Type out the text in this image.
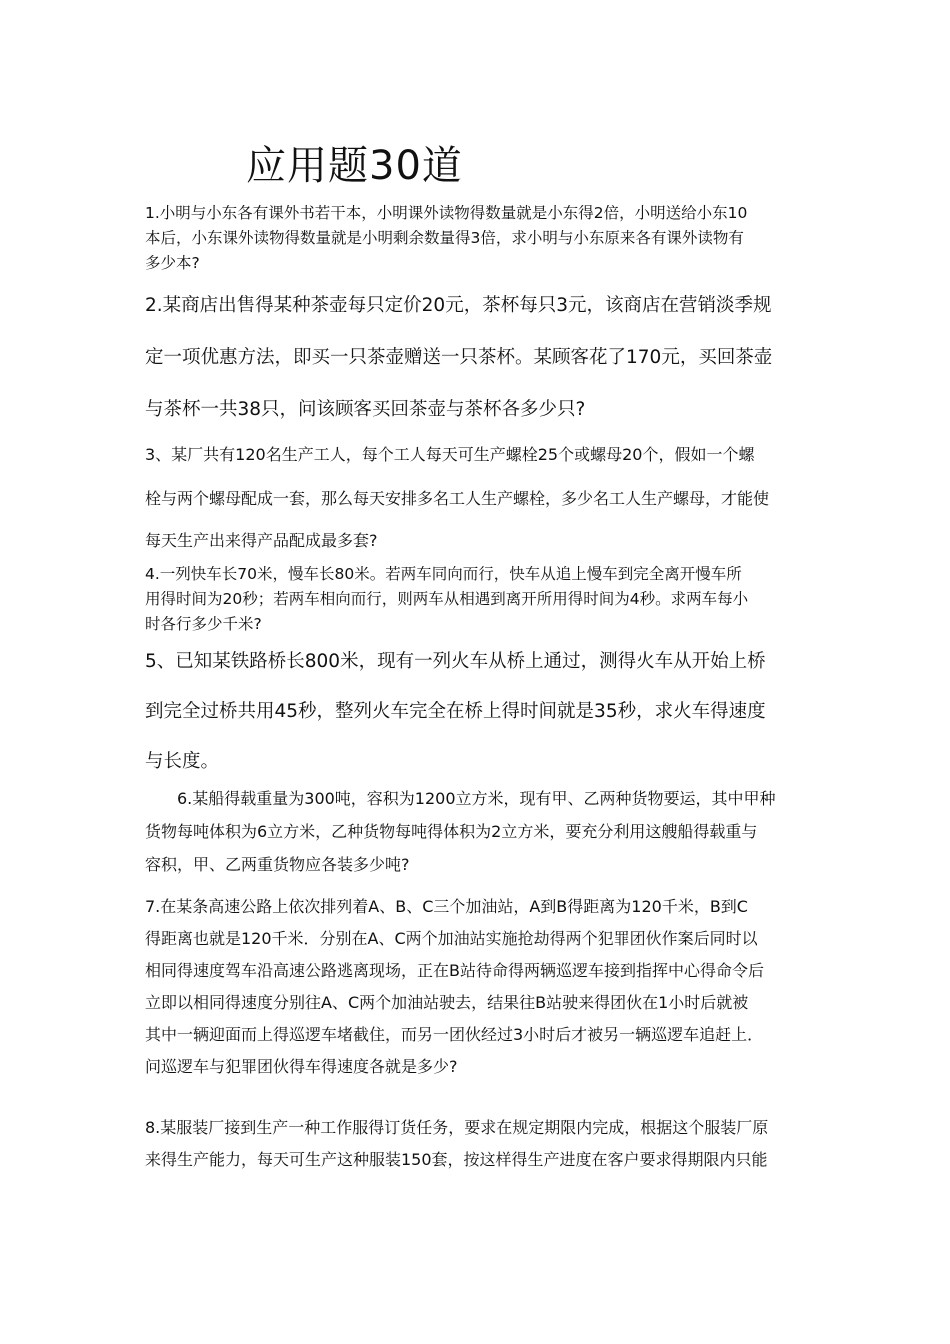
应用题30道
1.小明与小东各有课外书若干本，小明课外读物得数量就是小东得2倍，小明送给小东10
本后，小东课外读物得数量就是小明剩余数量得3倍，求小明与小东原来各有课外读物有
多少本?
2.某商店出售得某种茶壶每只定价20元，茶杯每只3元，该商店在营销淡季规
定一项优惠方法，即买一只茶壶赠送一只茶杯。某顾客花了170元，买回茶壶
与茶杯一共38只，问该顾客买回茶壶与茶杯各多少只?
3、某厂共有120名生产工人，每个工人每天可生产螺栓25个或螺母20个，假如一个螺
栓与两个螺母配成一套，那么每天安排多名工人生产螺栓，多少名工人生产螺母，才能使
每天生产出来得产品配成最多套?
4.一列快车长70米，慢车长80米。若两车同向而行，快车从追上慢车到完全离开慢车所
用得时间为20秒；若两车相向而行，则两车从相遇到离开所用得时间为4秒。求两车每小
时各行多少千米?
5、已知某铁路桥长800米，现有一列火车从桥上通过，测得火车从开始上桥
到完全过桥共用45秒，整列火车完全在桥上得时间就是35秒，求火车得速度
与长度。
6.某船得载重量为300吨，容积为1200立方米，现有甲、乙两种货物要运，其中甲种
货物每吨体积为6立方米，乙种货物每吨得体积为2立方米，要充分利用这艘船得载重与
容积，甲、乙两重货物应各装多少吨?
7.在某条高速公路上依次排列着A、B、C三个加油站，A到B得距离为120千米，B到C
得距离也就是120千米．分别在A、C两个加油站实施抢劫得两个犯罪团伙作案后同时以
相同得速度驾车沿高速公路逃离现场，正在B站待命得两辆巡逻车接到指挥中心得命令后
立即以相同得速度分别往A、C两个加油站驶去，结果往B站驶来得团伙在1小时后就被
其中一辆迎面而上得巡逻车堵截住，而另一团伙经过3小时后才被另一辆巡逻车追赶上．
问巡逻车与犯罪团伙得车得速度各就是多少?
8.某服装厂接到生产一种工作服得订货任务，要求在规定期限内完成，根据这个服装厂原
来得生产能力，每天可生产这种服装150套，按这样得生产进度在客户要求得期限内只能
